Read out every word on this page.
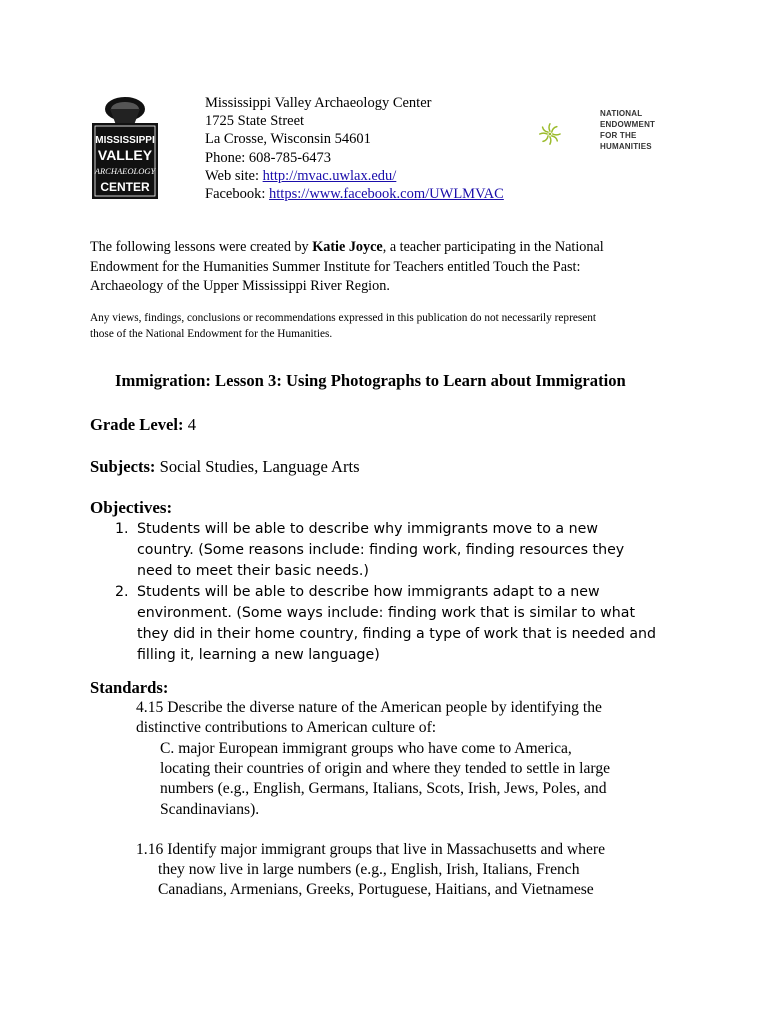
MISSISSIPPI
VALLEY
ARCHAEOLOGY
CENTER
NATIONAL
ENDOWMENT
FOR THE
HUMANITIES
Mississippi Valley Archaeology Center
1725 State Street
La Crosse, Wisconsin 54601
Phone: 608-785-6473
Web site: http://mvac.uwlax.edu/
Facebook: https://www.facebook.com/UWLMVAC
The following lessons were created by Katie Joyce, a teacher participating in the National
Endowment for the Humanities Summer Institute for Teachers entitled Touch the Past:
Archaeology of the Upper Mississippi River Region.
Any views, findings, conclusions or recommendations expressed in this publication do not necessarily represent
those of the National Endowment for the Humanities.
Immigration: Lesson 3: Using Photographs to Learn about Immigration
Grade Level: 4
Subjects: Social Studies, Language Arts
Objectives:
1. Students will be able to describe why immigrants move to a new
country. (Some reasons include: finding work, finding resources they
need to meet their basic needs.)
2. Students will be able to describe how immigrants adapt to a new
environment. (Some ways include: finding work that is similar to what
they did in their home country, finding a type of work that is needed and
filling it, learning a new language)
Standards:
4.15 Describe the diverse nature of the American people by identifying the
distinctive contributions to American culture of:
C. major European immigrant groups who have come to America,
locating their countries of origin and where they tended to settle in large
numbers (e.g., English, Germans, Italians, Scots, Irish, Jews, Poles, and
Scandinavians).
1.16 Identify major immigrant groups that live in Massachusetts and where
they now live in large numbers (e.g., English, Irish, Italians, French
Canadians, Armenians, Greeks, Portuguese, Haitians, and Vietnamese
